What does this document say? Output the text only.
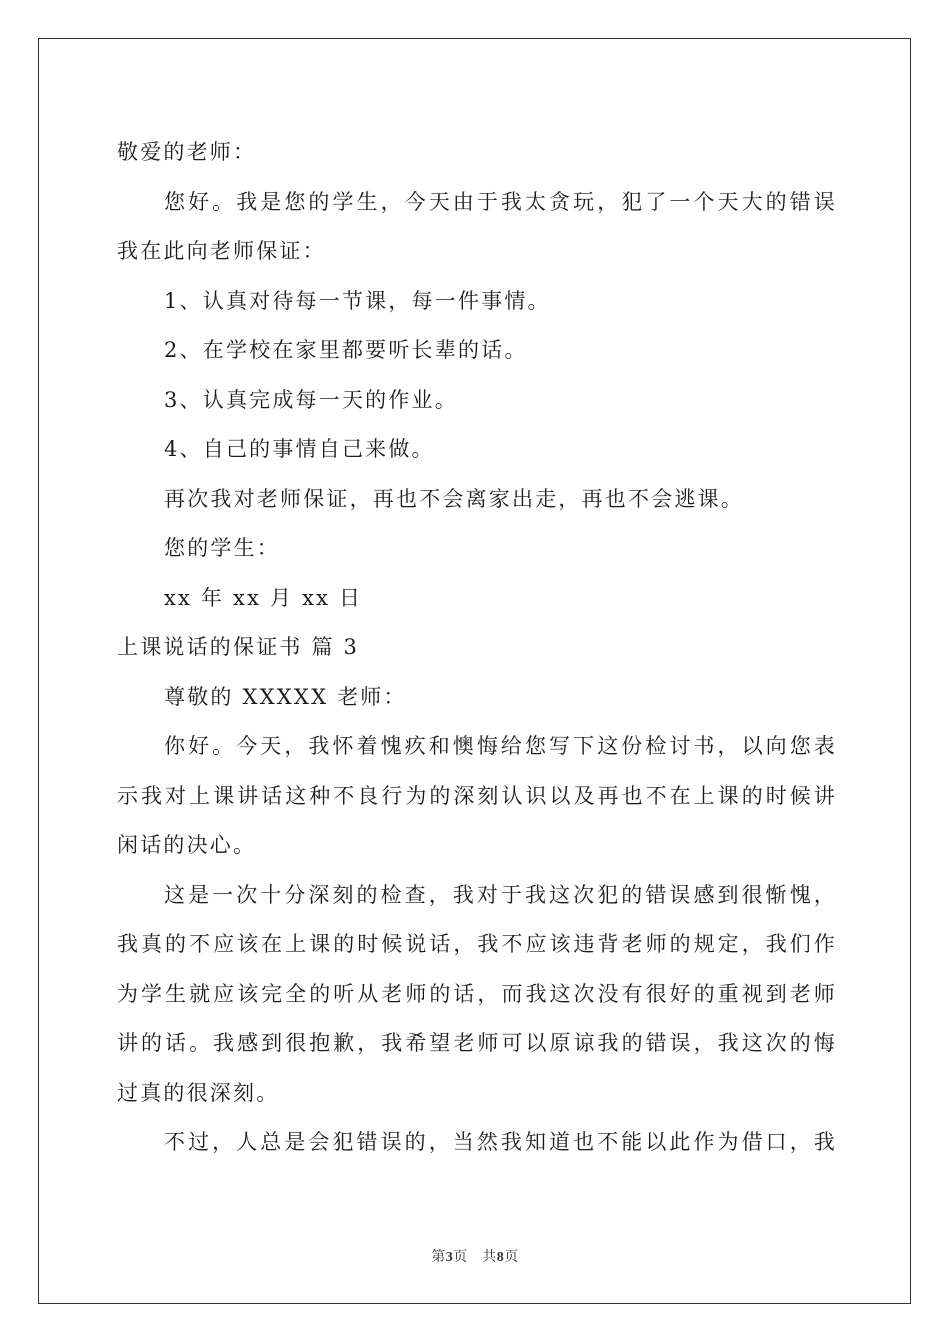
敬爱的老师：
您好。我是您的学生，今天由于我太贪玩，犯了一个天大的错误
我在此向老师保证：
1、认真对待每一节课，每一件事情。
2、在学校在家里都要听长辈的话。
3、认真完成每一天的作业。
4、自己的事情自己来做。
再次我对老师保证，再也不会离家出走，再也不会逃课。
您的学生：
xx 年 xx 月 xx 日
上课说话的保证书 篇 3
尊敬的 XXXXX 老师：
你好。今天，我怀着愧疚和懊悔给您写下这份检讨书，以向您表
示我对上课讲话这种不良行为的深刻认识以及再也不在上课的时候讲
闲话的决心。
这是一次十分深刻的检查，我对于我这次犯的错误感到很惭愧，
我真的不应该在上课的时候说话，我不应该违背老师的规定，我们作
为学生就应该完全的听从老师的话，而我这次没有很好的重视到老师
讲的话。我感到很抱歉，我希望老师可以原谅我的错误，我这次的悔
过真的很深刻。
不过，人总是会犯错误的，当然我知道也不能以此作为借口，我
第3页　共8页
